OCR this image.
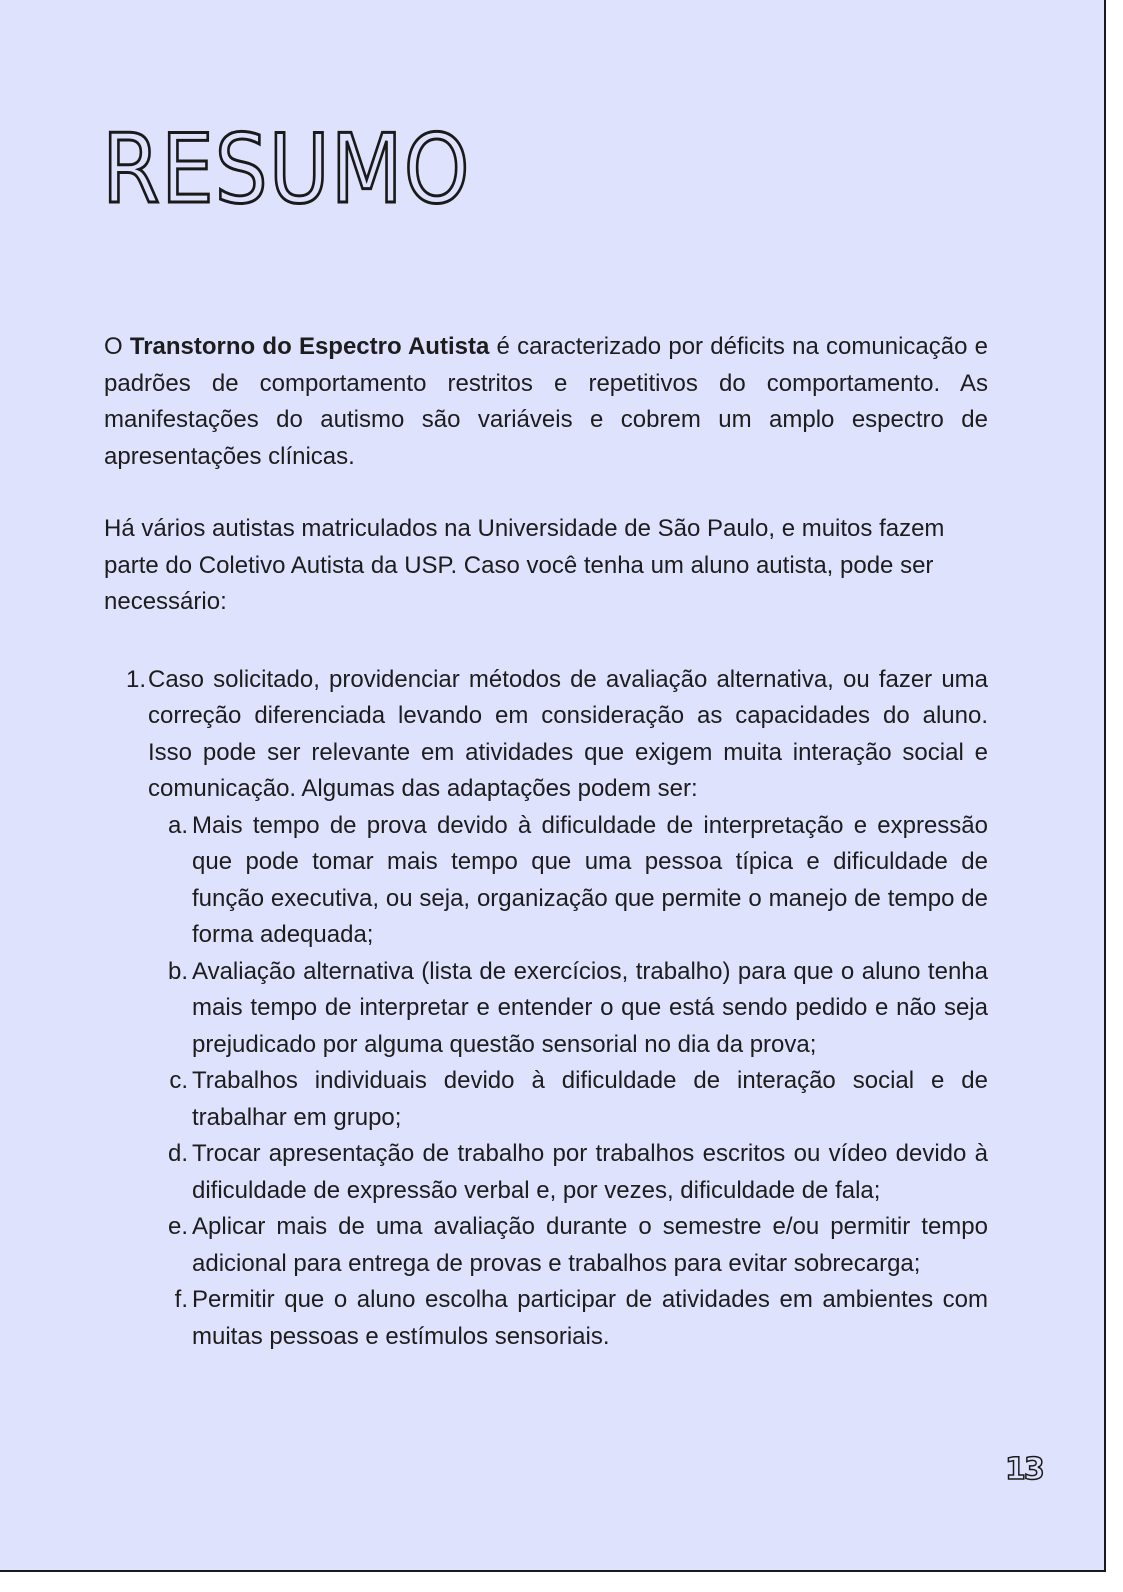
RESUMO

O Transtorno do Espectro Autista é caracterizado por déficits na comunicação e padrões de comportamento restritos e repetitivos do comportamento. As manifestações do autismo são variáveis e cobrem um amplo espectro de apresentações clínicas.

Há vários autistas matriculados na Universidade de São Paulo, e muitos fazem parte do Coletivo Autista da USP. Caso você tenha um aluno autista, pode ser necessário:

1. Caso solicitado, providenciar métodos de avaliação alternativa, ou fazer uma correção diferenciada levando em consideração as capacidades do aluno. Isso pode ser relevante em atividades que exigem muita interação social e comunicação. Algumas das adaptações podem ser:
a. Mais tempo de prova devido à dificuldade de interpretação e expressão que pode tomar mais tempo que uma pessoa típica e dificuldade de função executiva, ou seja, organização que permite o manejo de tempo de forma adequada;
b. Avaliação alternativa (lista de exercícios, trabalho) para que o aluno tenha mais tempo de interpretar e entender o que está sendo pedido e não seja prejudicado por alguma questão sensorial no dia da prova;
c. Trabalhos individuais devido à dificuldade de interação social e de trabalhar em grupo;
d. Trocar apresentação de trabalho por trabalhos escritos ou vídeo devido à dificuldade de expressão verbal e, por vezes, dificuldade de fala;
e. Aplicar mais de uma avaliação durante o semestre e/ou permitir tempo adicional para entrega de provas e trabalhos para evitar sobrecarga;
f. Permitir que o aluno escolha participar de atividades em ambientes com muitas pessoas e estímulos sensoriais.
13
